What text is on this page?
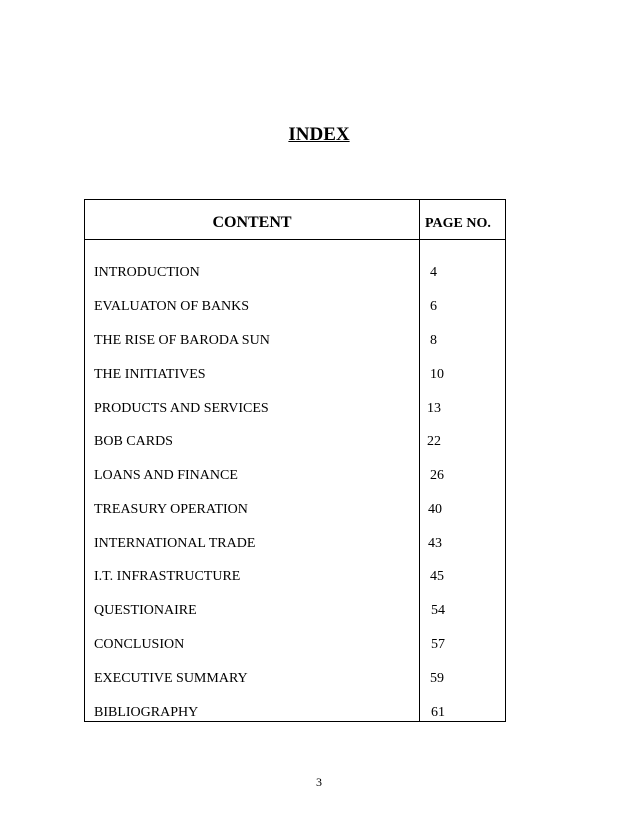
INDEX
CONTENT	PAGE NO.
INTRODUCTION	4
EVALUATON OF BANKS	6
THE RISE OF BARODA SUN	8
THE INITIATIVES	10
PRODUCTS AND SERVICES	13
BOB CARDS	22
LOANS AND FINANCE	26
TREASURY OPERATION	40
INTERNATIONAL TRADE	43
I.T. INFRASTRUCTURE	45
QUESTIONAIRE	54
CONCLUSION	57
EXECUTIVE SUMMARY	59
BIBLIOGRAPHY	61
3
